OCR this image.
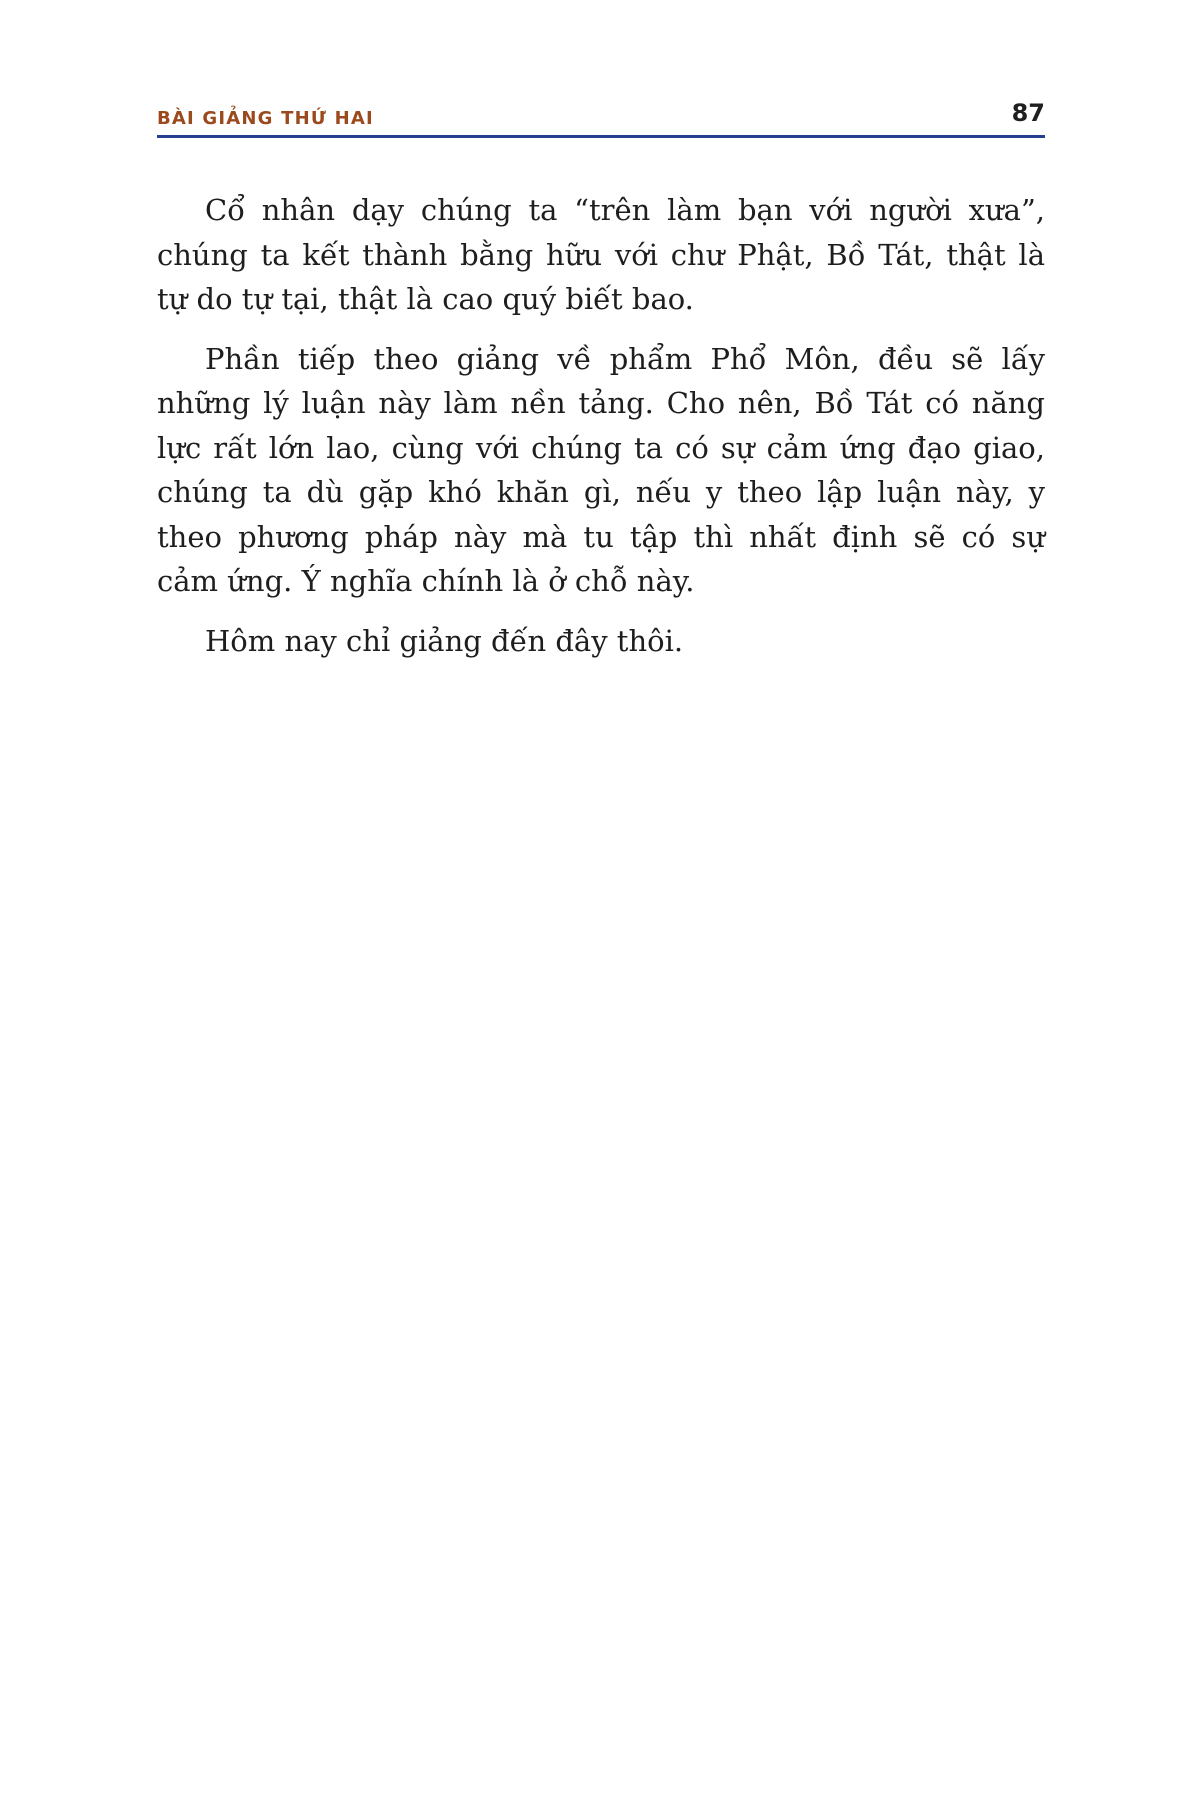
BÀI GIẢNG THỨ HAI	87

Cổ nhân dạy chúng ta “trên làm bạn với người xưa”,
chúng ta kết thành bằng hữu với chư Phật, Bồ Tát, thật là
tự do tự tại, thật là cao quý biết bao.

Phần tiếp theo giảng về phẩm Phổ Môn, đều sẽ lấy
những lý luận này làm nền tảng. Cho nên, Bồ Tát có năng
lực rất lớn lao, cùng với chúng ta có sự cảm ứng đạo giao,
chúng ta dù gặp khó khăn gì, nếu y theo lập luận này, y
theo phương pháp này mà tu tập thì nhất định sẽ có sự
cảm ứng. Ý nghĩa chính là ở chỗ này.

Hôm nay chỉ giảng đến đây thôi.
